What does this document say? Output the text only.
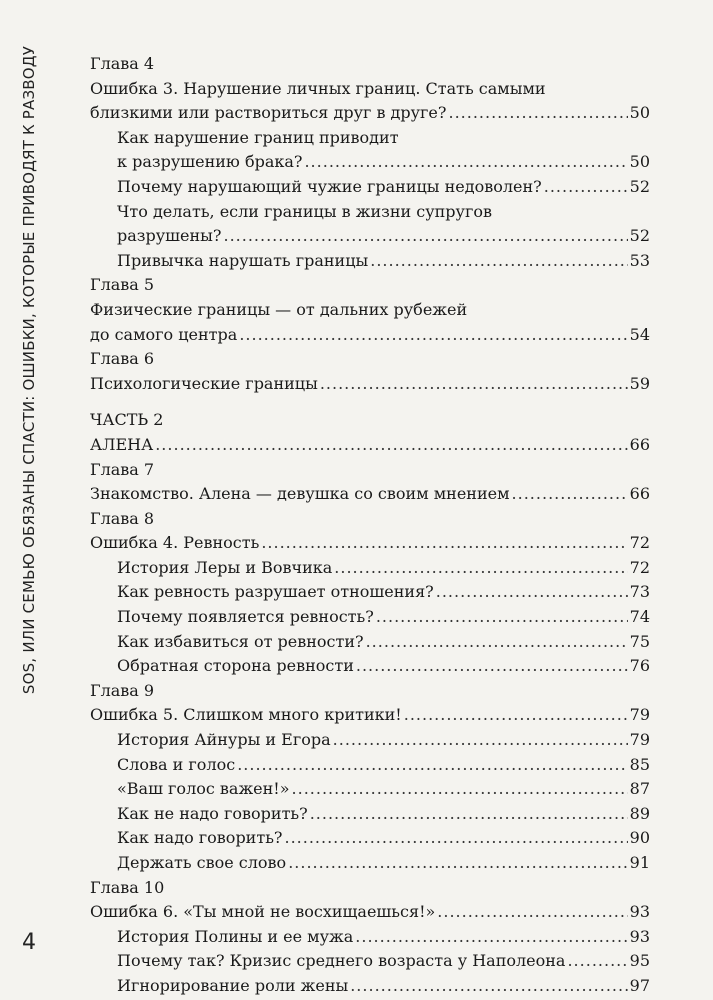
SOS, ИЛИ СЕМЬЮ ОБЯЗАНЫ СПАСТИ: ОШИБКИ, КОТОРЫЕ ПРИВОДЯТ К РАЗВОДУ
4
Глава 4
Ошибка 3. Нарушение личных границ. Стать самыми
близкими или раствориться друг в друге? .....	50
Как нарушение границ приводит
к разрушению брака? .....	50
Почему нарушающий чужие границы недоволен? .....	52
Что делать, если границы в жизни супругов
разрушены? .....	52
Привычка нарушать границы .....	53
Глава 5
Физические границы — от дальних рубежей
до самого центра .....	54
Глава 6
Психологические границы .....	59
ЧАСТЬ 2
АЛЕНА .....	66
Глава 7
Знакомство. Алена — девушка со своим мнением .....	66
Глава 8
Ошибка 4. Ревность .....	72
История Леры и Вовчика .....	72
Как ревность разрушает отношения? .....	73
Почему появляется ревность? .....	74
Как избавиться от ревности? .....	75
Обратная сторона ревности .....	76
Глава 9
Ошибка 5. Слишком много критики! .....	79
История Айнуры и Егора .....	79
Слова и голос .....	85
«Ваш голос важен!» .....	87
Как не надо говорить? .....	89
Как надо говорить? .....	90
Держать свое слово .....	91
Глава 10
Ошибка 6. «Ты мной не восхищаешься!» .....	93
История Полины и ее мужа .....	93
Почему так? Кризис среднего возраста у Наполеона .....	95
Игнорирование роли жены .....	97
